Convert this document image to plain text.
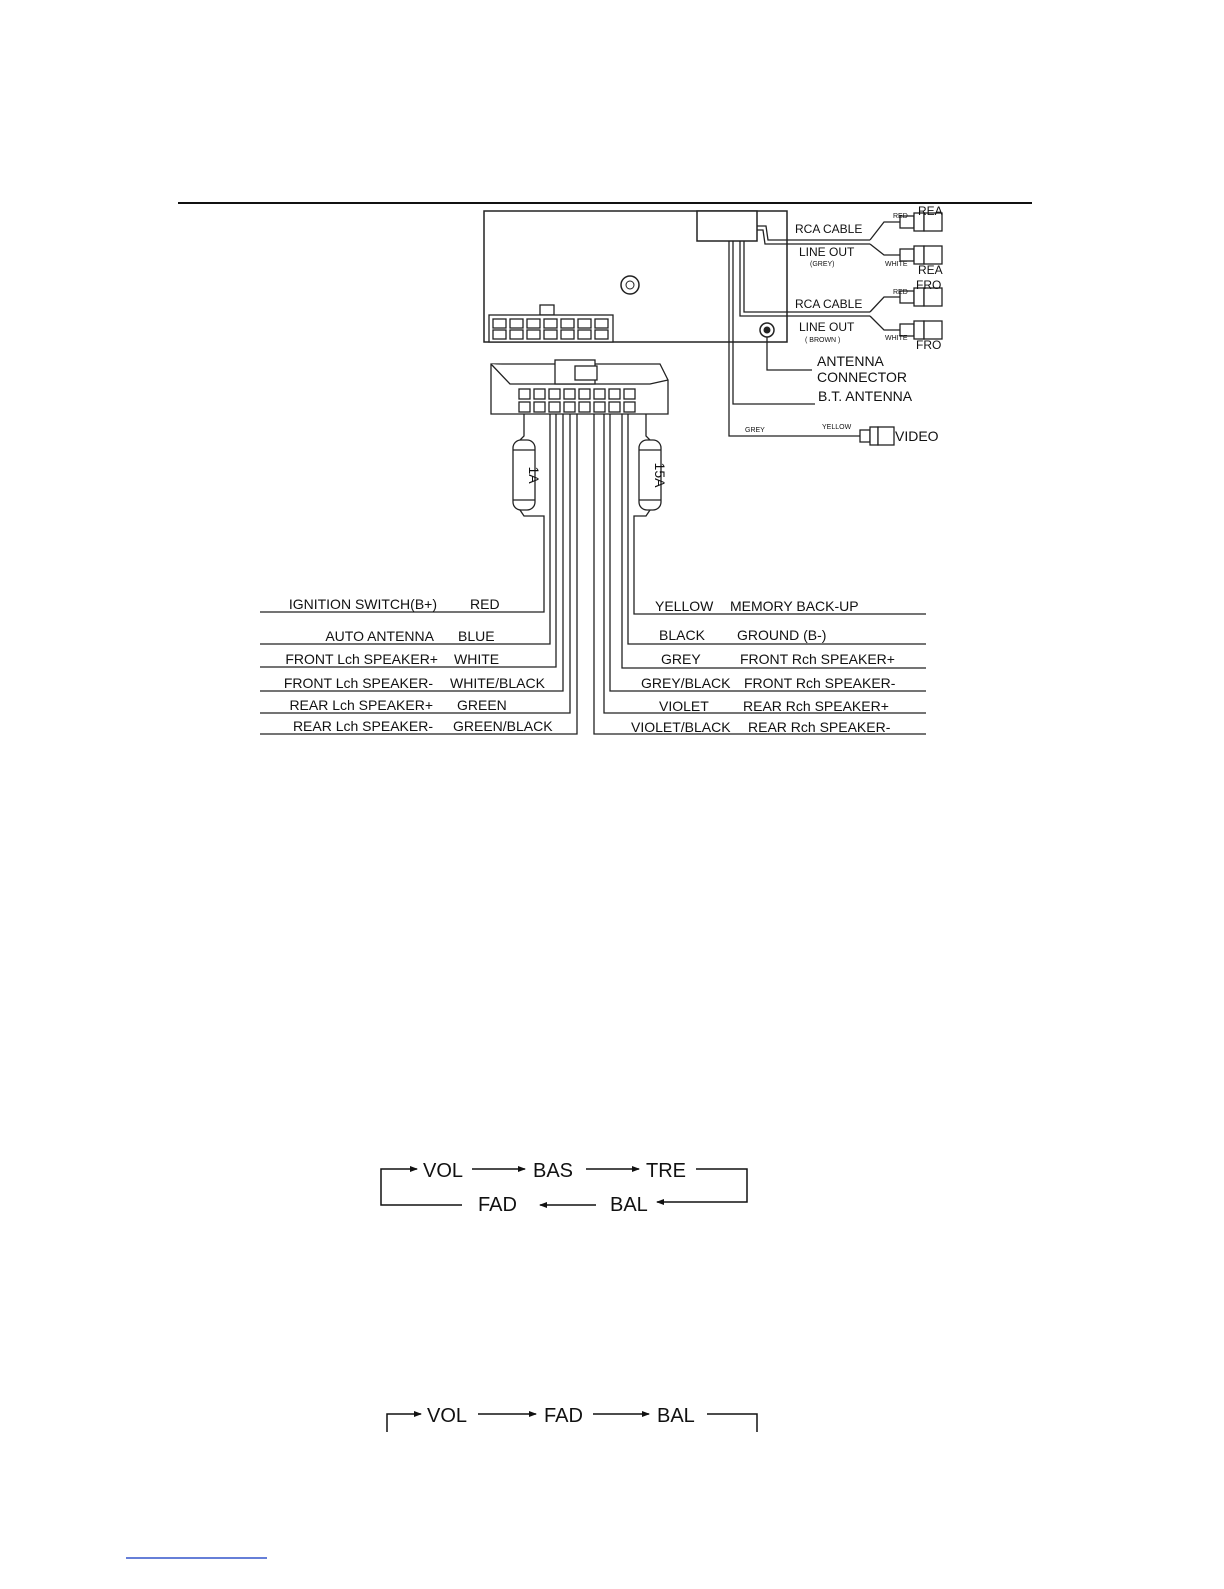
RCA CABLE
LINE OUT
(GREY)
RCA CABLE
LINE OUT
( BROWN )
RED
WHITE
RED
WHITE
REA
REA
FRO
FRO
ANTENNA
CONNECTOR
B.T. ANTENNA
GREY	YELLOW
VIDEO
1A	15A
IGNITION SWITCH(B+) RED
AUTO ANTENNA BLUE
FRONT Lch SPEAKER+ WHITE
FRONT Lch SPEAKER- WHITE/BLACK
REAR Lch SPEAKER+ GREEN
REAR Lch SPEAKER- GREEN/BLACK
YELLOW MEMORY BACK-UP
BLACK GROUND (B-)
GREY	FRONT Rch SPEAKER+
GREY/BLACK FRONT Rch SPEAKER-
VIOLET REAR Rch SPEAKER+
VIOLET/BLACK REAR Rch SPEAKER-
VOL	BAS	TRE
BAL
FAD
VOL	FAD	BAL
